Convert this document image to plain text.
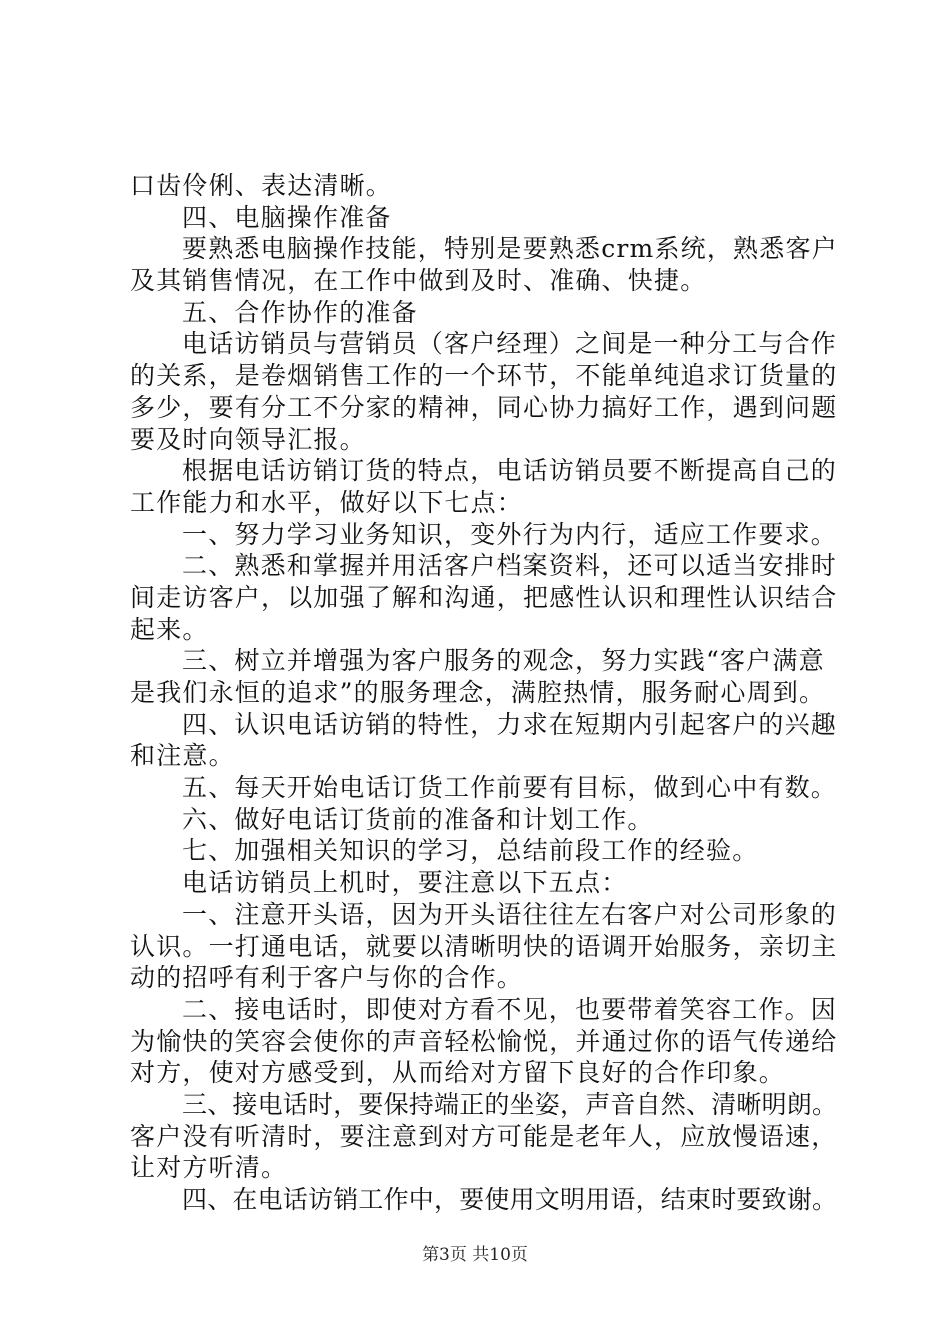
口齿伶俐、表达清晰。
四、电脑操作准备
要熟悉电脑操作技能，特别是要熟悉crm系统，熟悉客户
及其销售情况，在工作中做到及时、准确、快捷。
五、合作协作的准备
电话访销员与营销员（客户经理）之间是一种分工与合作
的关系，是卷烟销售工作的一个环节，不能单纯追求订货量的
多少，要有分工不分家的精神，同心协力搞好工作，遇到问题
要及时向领导汇报。
根据电话访销订货的特点，电话访销员要不断提高自己的
工作能力和水平，做好以下七点：
一、努力学习业务知识，变外行为内行，适应工作要求。
二、熟悉和掌握并用活客户档案资料，还可以适当安排时
间走访客户，以加强了解和沟通，把感性认识和理性认识结合
起来。
三、树立并增强为客户服务的观念，努力实践“客户满意
是我们永恒的追求”的服务理念，满腔热情，服务耐心周到。
四、认识电话访销的特性，力求在短期内引起客户的兴趣
和注意。
五、每天开始电话订货工作前要有目标，做到心中有数。
六、做好电话订货前的准备和计划工作。
七、加强相关知识的学习，总结前段工作的经验。
电话访销员上机时，要注意以下五点：
一、注意开头语，因为开头语往往左右客户对公司形象的
认识。一打通电话，就要以清晰明快的语调开始服务，亲切主
动的招呼有利于客户与你的合作。
二、接电话时，即使对方看不见，也要带着笑容工作。因
为愉快的笑容会使你的声音轻松愉悦，并通过你的语气传递给
对方，使对方感受到，从而给对方留下良好的合作印象。
三、接电话时，要保持端正的坐姿，声音自然、清晰明朗。
客户没有听清时，要注意到对方可能是老年人，应放慢语速，
让对方听清。
四、在电话访销工作中，要使用文明用语，结束时要致谢。
第3页 共10页
